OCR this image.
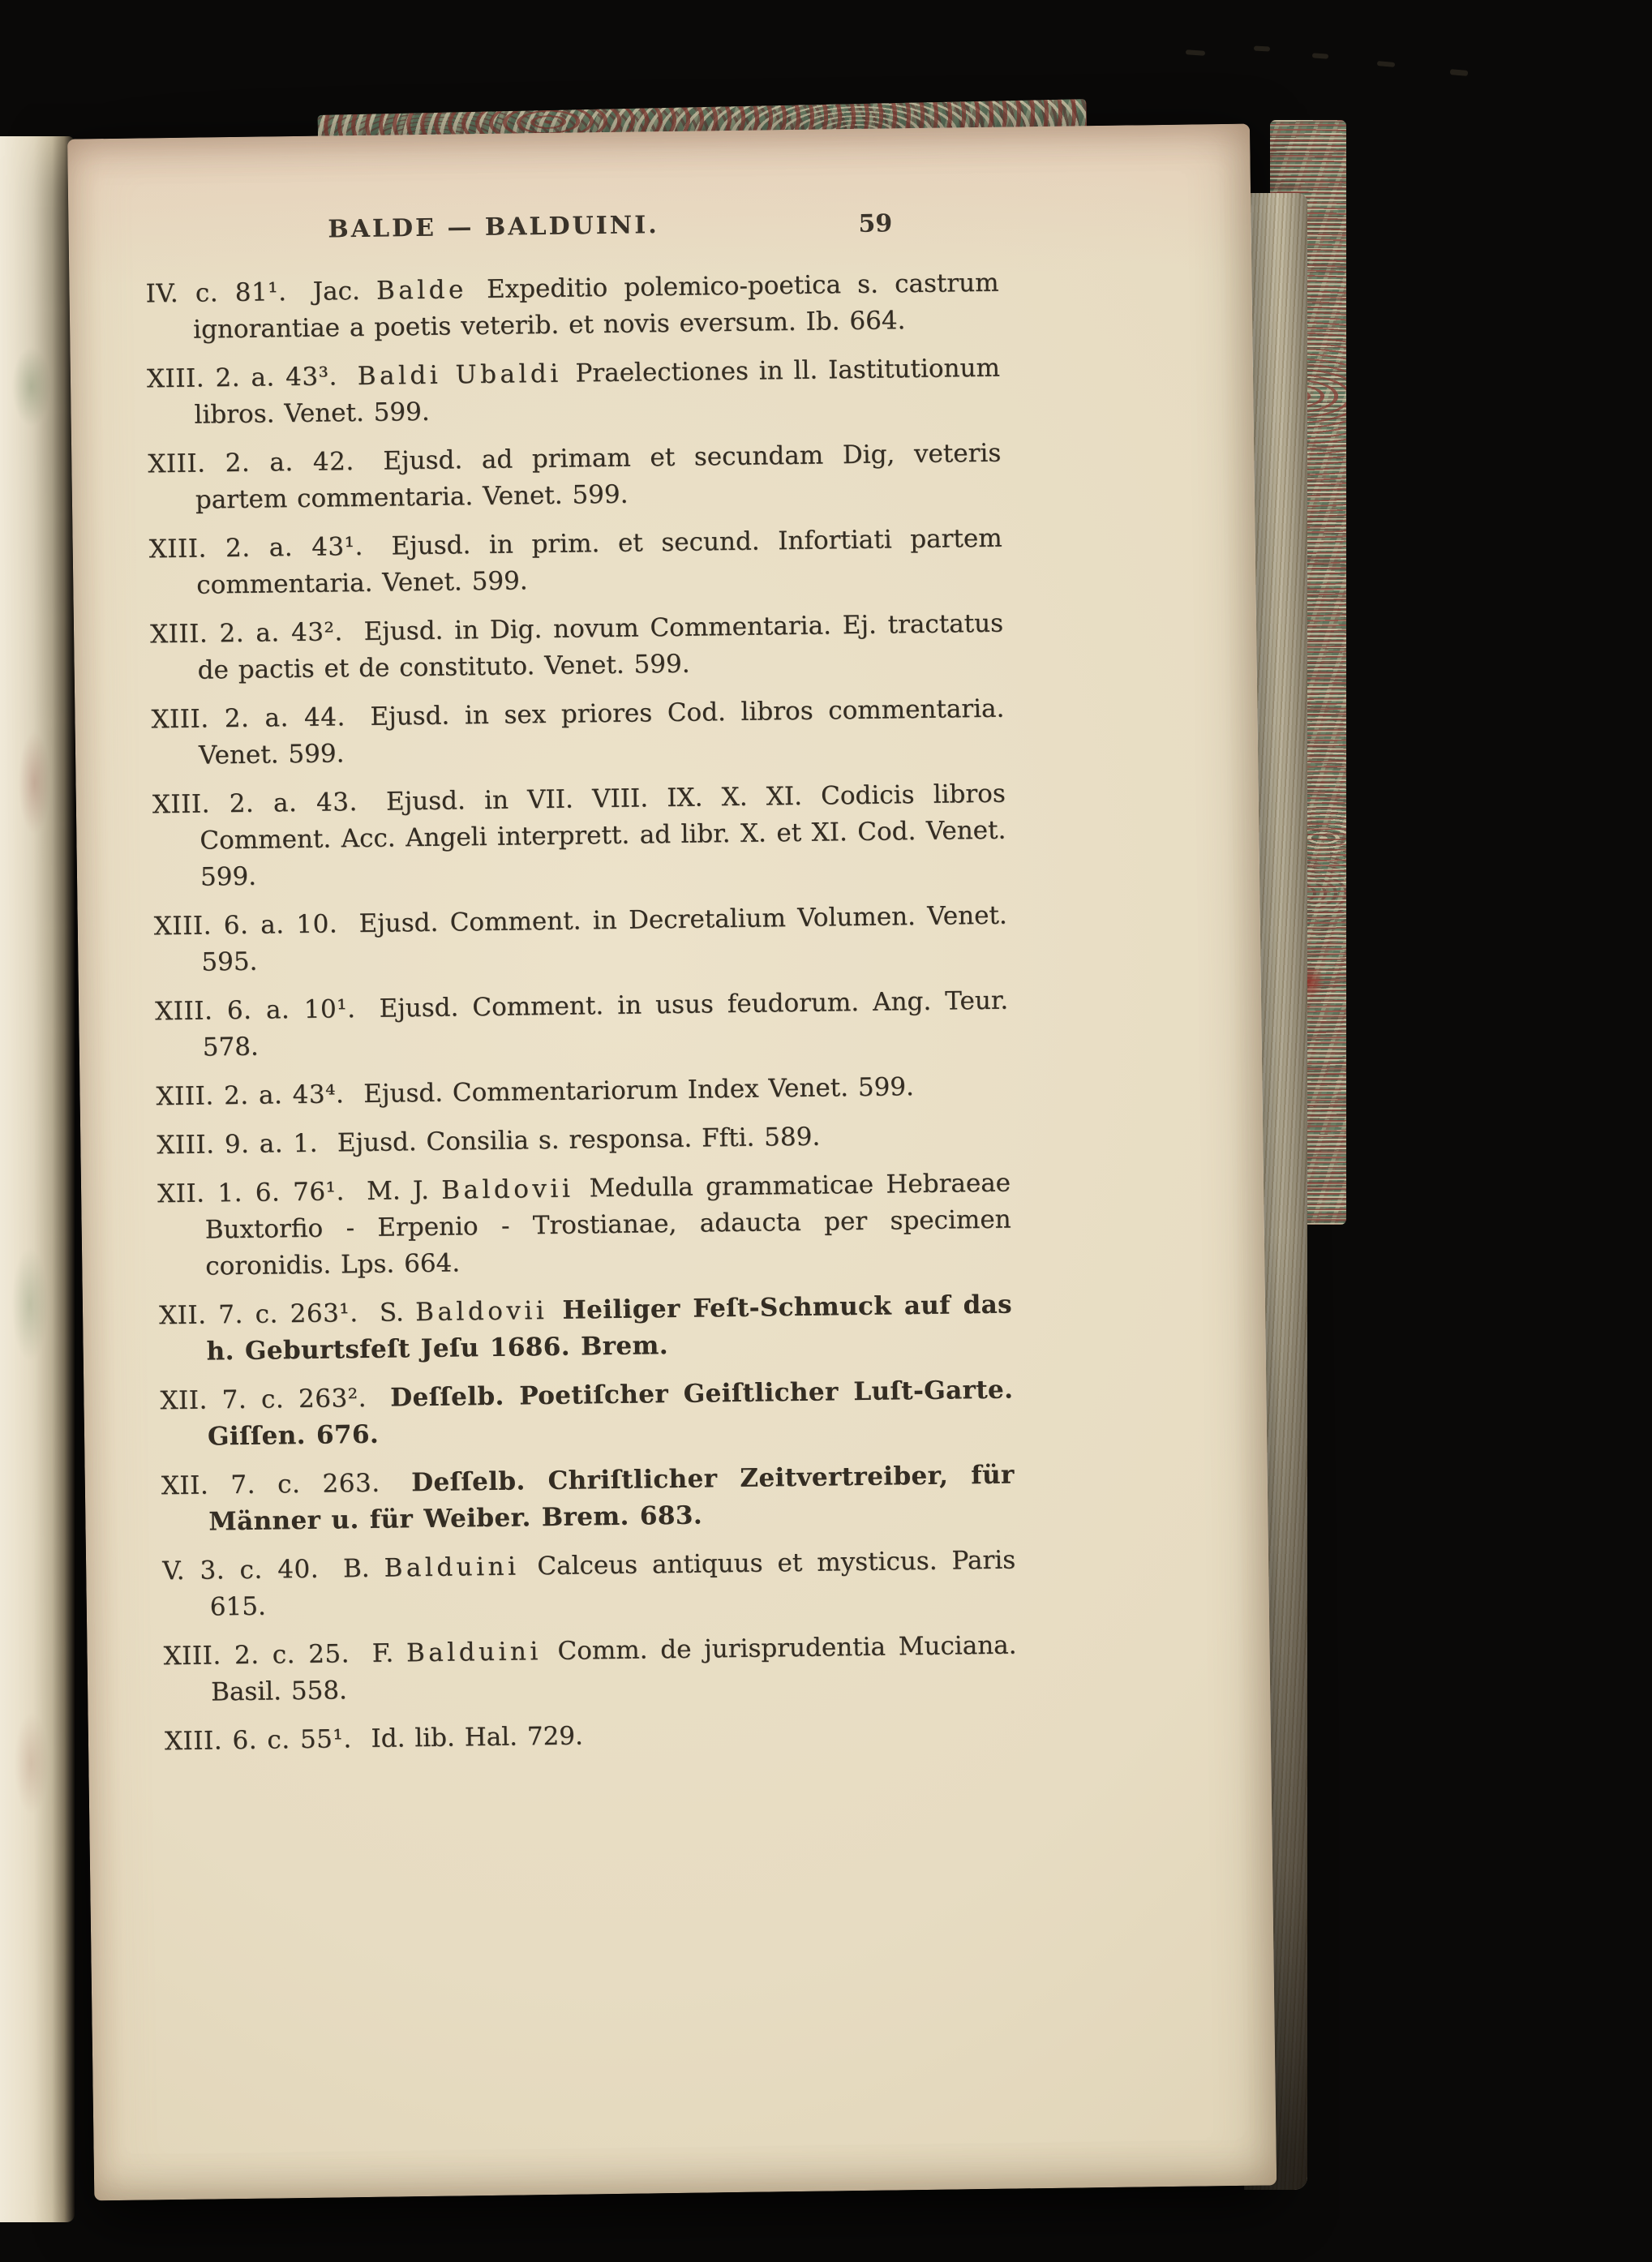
BALDE — BALDUINI.	59

IV. c. 81¹. Jac. Balde Expeditio polemico-poetica s. castrum ignorantiae a poetis veterib. et novis eversum. Ib. 664.

XIII. 2. a. 43³. Baldi Ubaldi Praelectiones in ll. Iastitutionum libros. Venet. 599.

XIII. 2. a. 42. Ejusd. ad primam et secundam Dig, veteris partem commentaria. Venet. 599.

XIII. 2. a. 43¹. Ejusd. in prim. et secund. Infortiati partem commentaria. Venet. 599.

XIII. 2. a. 43². Ejusd. in Dig. novum Commentaria. Ej. tractatus de pactis et de constituto. Venet. 599.

XIII. 2. a. 44. Ejusd. in sex priores Cod. libros commentaria. Venet. 599.

XIII. 2. a. 43. Ejusd. in VII. VIII. IX. X. XI. Codicis libros Comment. Acc. Angeli interprett. ad libr. X. et XI. Cod. Venet. 599.

XIII. 6. a. 10. Ejusd. Comment. in Decretalium Volumen. Venet. 595.

XIII. 6. a. 10¹. Ejusd. Comment. in usus feudorum. Ang. Teur. 578.

XIII. 2. a. 43⁴. Ejusd. Commentariorum Index Venet. 599.

XIII. 9. a. 1. Ejusd. Consilia s. responsa. Ffti. 589.

XII. 1. 6. 76¹. M. J. Baldovii Medulla grammaticae Hebraeae Buxtorfio - Erpenio - Trostianae, adaucta per specimen coronidis. Lps. 664.

XII. 7. c. 263¹. S. Baldovii Heiliger Feſt-Schmuck auf das h. Geburtsfeſt Jeſu 1686. Brem.

XII. 7. c. 263². Deſſelb. Poetiſcher Geiſtlicher Luſt-Garte. Giſſen. 676.

XII. 7. c. 263. Deſſelb. Chriſtlicher Zeitvertreiber, für Männer u. für Weiber. Brem. 683.

V. 3. c. 40. B. Balduini Calceus antiquus et mysticus. Paris 615.

XIII. 2. c. 25. F. Balduini Comm. de jurisprudentia Muciana. Basil. 558.

XIII. 6. c. 55¹. Id. lib. Hal. 729.
